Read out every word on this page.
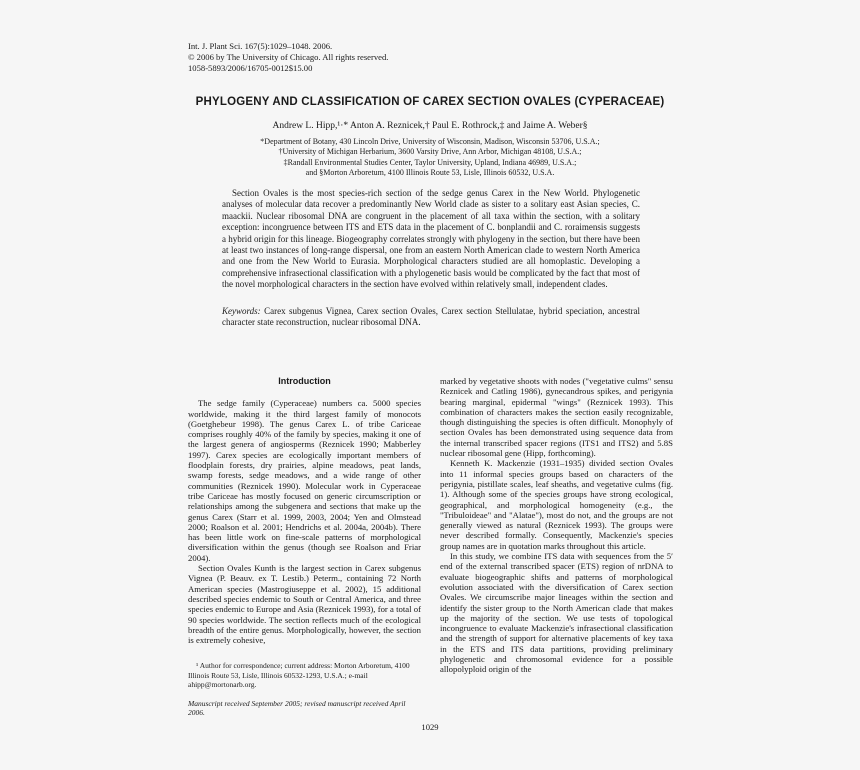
Int. J. Plant Sci. 167(5):1029–1048. 2006.
© 2006 by The University of Chicago. All rights reserved.
1058-5893/2006/16705-0012$15.00
PHYLOGENY AND CLASSIFICATION OF CAREX SECTION OVALES (CYPERACEAE)
Andrew L. Hipp,¹·* Anton A. Reznicek,† Paul E. Rothrock,‡ and Jaime A. Weber§
*Department of Botany, 430 Lincoln Drive, University of Wisconsin, Madison, Wisconsin 53706, U.S.A.;
†University of Michigan Herbarium, 3600 Varsity Drive, Ann Arbor, Michigan 48108, U.S.A.;
‡Randall Environmental Studies Center, Taylor University, Upland, Indiana 46989, U.S.A.;
and §Morton Arboretum, 4100 Illinois Route 53, Lisle, Illinois 60532, U.S.A.
Section Ovales is the most species-rich section of the sedge genus Carex in the New World. Phylogenetic analyses of molecular data recover a predominantly New World clade as sister to a solitary east Asian species, C. maackii. Nuclear ribosomal DNA are congruent in the placement of all taxa within the section, with a solitary exception: incongruence between ITS and ETS data in the placement of C. bonplandii and C. roraimensis suggests a hybrid origin for this lineage. Biogeography correlates strongly with phylogeny in the section, but there have been at least two instances of long-range dispersal, one from an eastern North American clade to western North America and one from the New World to Eurasia. Morphological characters studied are all homoplastic. Developing a comprehensive infrasectional classification with a phylogenetic basis would be complicated by the fact that most of the novel morphological characters in the section have evolved within relatively small, independent clades.
Keywords: Carex subgenus Vignea, Carex section Ovales, Carex section Stellulatae, hybrid speciation, ancestral character state reconstruction, nuclear ribosomal DNA.
Introduction

The sedge family (Cyperaceae) numbers ca. 5000 species worldwide, making it the third largest family of monocots (Goetghebeur 1998). The genus Carex L. of tribe Cariceae comprises roughly 40% of the family by species, making it one of the largest genera of angiosperms (Reznicek 1990; Mabberley 1997). Carex species are ecologically important members of floodplain forests, dry prairies, alpine meadows, peat lands, swamp forests, sedge meadows, and a wide range of other communities (Reznicek 1990). Molecular work in Cyperaceae tribe Cariceae has mostly focused on generic circumscription or relationships among the subgenera and sections that make up the genus Carex (Starr et al. 1999, 2003, 2004; Yen and Olmstead 2000; Roalson et al. 2001; Hendrichs et al. 2004a, 2004b). There has been little work on fine-scale patterns of morphological diversification within the genus (though see Roalson and Friar 2004).

Section Ovales Kunth is the largest section in Carex subgenus Vignea (P. Beauv. ex T. Lestib.) Peterm., containing 72 North American species (Mastrogiuseppe et al. 2002), 15 additional described species endemic to South or Central America, and three species endemic to Europe and Asia (Reznicek 1993), for a total of 90 species worldwide. The section reflects much of the ecological breadth of the entire genus. Morphologically, however, the section is extremely cohesive,

¹ Author for correspondence; current address: Morton Arboretum, 4100 Illinois Route 53, Lisle, Illinois 60532-1293, U.S.A.; e-mail ahipp@mortonarb.org.

Manuscript received September 2005; revised manuscript received April 2006.

marked by vegetative shoots with nodes ("vegetative culms" sensu Reznicek and Catling 1986), gynecandrous spikes, and perigynia bearing marginal, epidermal "wings" (Reznicek 1993). This combination of characters makes the section easily recognizable, though distinguishing the species is often difficult. Monophyly of section Ovales has been demonstrated using sequence data from the internal transcribed spacer regions (ITS1 and ITS2) and 5.8S nuclear ribosomal gene (Hipp, forthcoming).

Kenneth K. Mackenzie (1931–1935) divided section Ovales into 11 informal species groups based on characters of the perigynia, pistillate scales, leaf sheaths, and vegetative culms (fig. 1). Although some of the species groups have strong ecological, geographical, and morphological homogeneity (e.g., the "Tribuloideae" and "Alatae"), most do not, and the groups are not generally viewed as natural (Reznicek 1993). The groups were never described formally. Consequently, Mackenzie's species group names are in quotation marks throughout this article.

In this study, we combine ITS data with sequences from the 5′ end of the external transcribed spacer (ETS) region of nrDNA to evaluate biogeographic shifts and patterns of morphological evolution associated with the diversification of Carex section Ovales. We circumscribe major lineages within the section and identify the sister group to the North American clade that makes up the majority of the section. We use tests of topological incongruence to evaluate Mackenzie's infrasectional classification and the strength of support for alternative placements of key taxa in the ETS and ITS data partitions, providing preliminary phylogenetic and chromosomal evidence for a possible allopolyploid origin of the

1029
